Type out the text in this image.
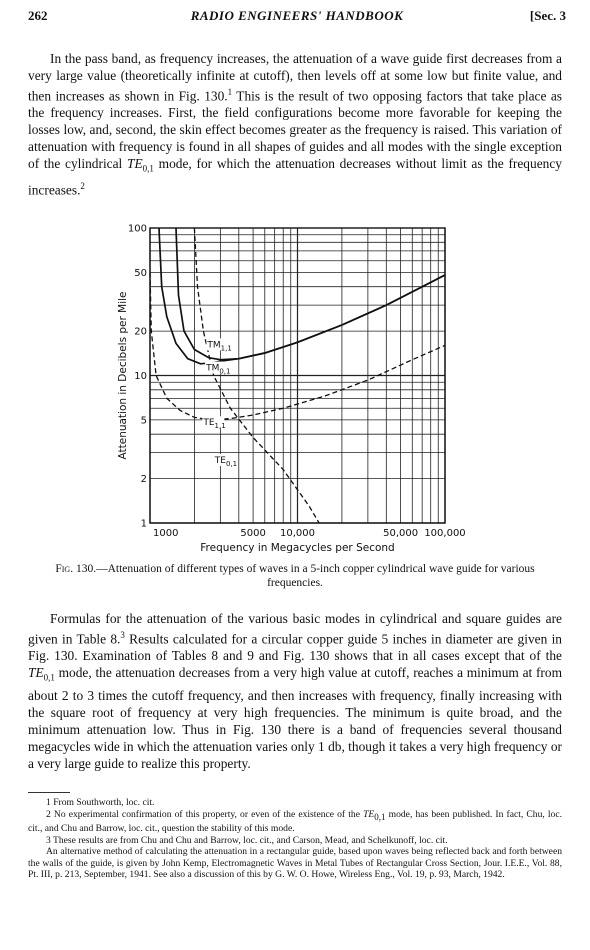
262	RADIO ENGINEERS' HANDBOOK	[Sec. 3

In the pass band, as frequency increases, the attenuation of a wave guide first decreases from a very large value (theoretically infinite at cutoff), then levels off at some low but finite value, and then increases as shown in Fig. 130.$^1$ This is the result of two opposing factors that take place as the frequency increases. First, the field configurations become more favorable for keeping the losses low, and, second, the skin effect becomes greater as the frequency is raised. This variation of attenuation with frequency is found in all shapes of guides and all modes with the single exception of the cylindrical $TE_{0,1}$ mode, for which the attenuation decreases without limit as the frequency increases.$^2$

1
2
5
10
20
50
100
1000	5000 10,000	50,000 100,000
Frequency in Megacycles per Second
Attenuation in Decibels per Mile	$TM_{1,1}$
$TM_{0,1}$
$TE_{1,1}$
$TE_{0,1}$
Fig. 130.—Attenuation of different types of waves in a 5-inch copper cylindrical wave guide for various frequencies.

Formulas for the attenuation of the various basic modes in cylindrical and square guides are given in Table 8.$^3$ Results calculated for a circular copper guide 5 inches in diameter are given in Fig. 130. Examination of Tables 8 and 9 and Fig. 130 shows that in all cases except that of the $TE_{0,1}$ mode, the attenuation decreases from a very high value at cutoff, reaches a minimum at from about 2 to 3 times the cutoff frequency, and then increases with frequency, finally increasing with the square root of frequency at very high frequencies. The minimum is quite broad, and the minimum attenuation low. Thus in Fig. 130 there is a band of frequencies several thousand megacycles wide in which the attenuation varies only 1 db, though it takes a very high frequency or a very large guide to realize this property.

1 From Southworth, loc. cit.

2 No experimental confirmation of this property, or even of the existence of the $TE_{0,1}$ mode, has been published. In fact, Chu, loc. cit., and Chu and Barrow, loc. cit., question the stability of this mode.

3 These results are from Chu and Chu and Barrow, loc. cit., and Carson, Mead, and Schelkunoff, loc. cit.

An alternative method of calculating the attenuation in a rectangular guide, based upon waves being reflected back and forth between the walls of the guide, is given by John Kemp, Electromagnetic Waves in Metal Tubes of Rectangular Cross Section, Jour. I.E.E., Vol. 88, Pt. III, p. 213, September, 1941. See also a discussion of this by G. W. O. Howe, Wireless Eng., Vol. 19, p. 93, March, 1942.
